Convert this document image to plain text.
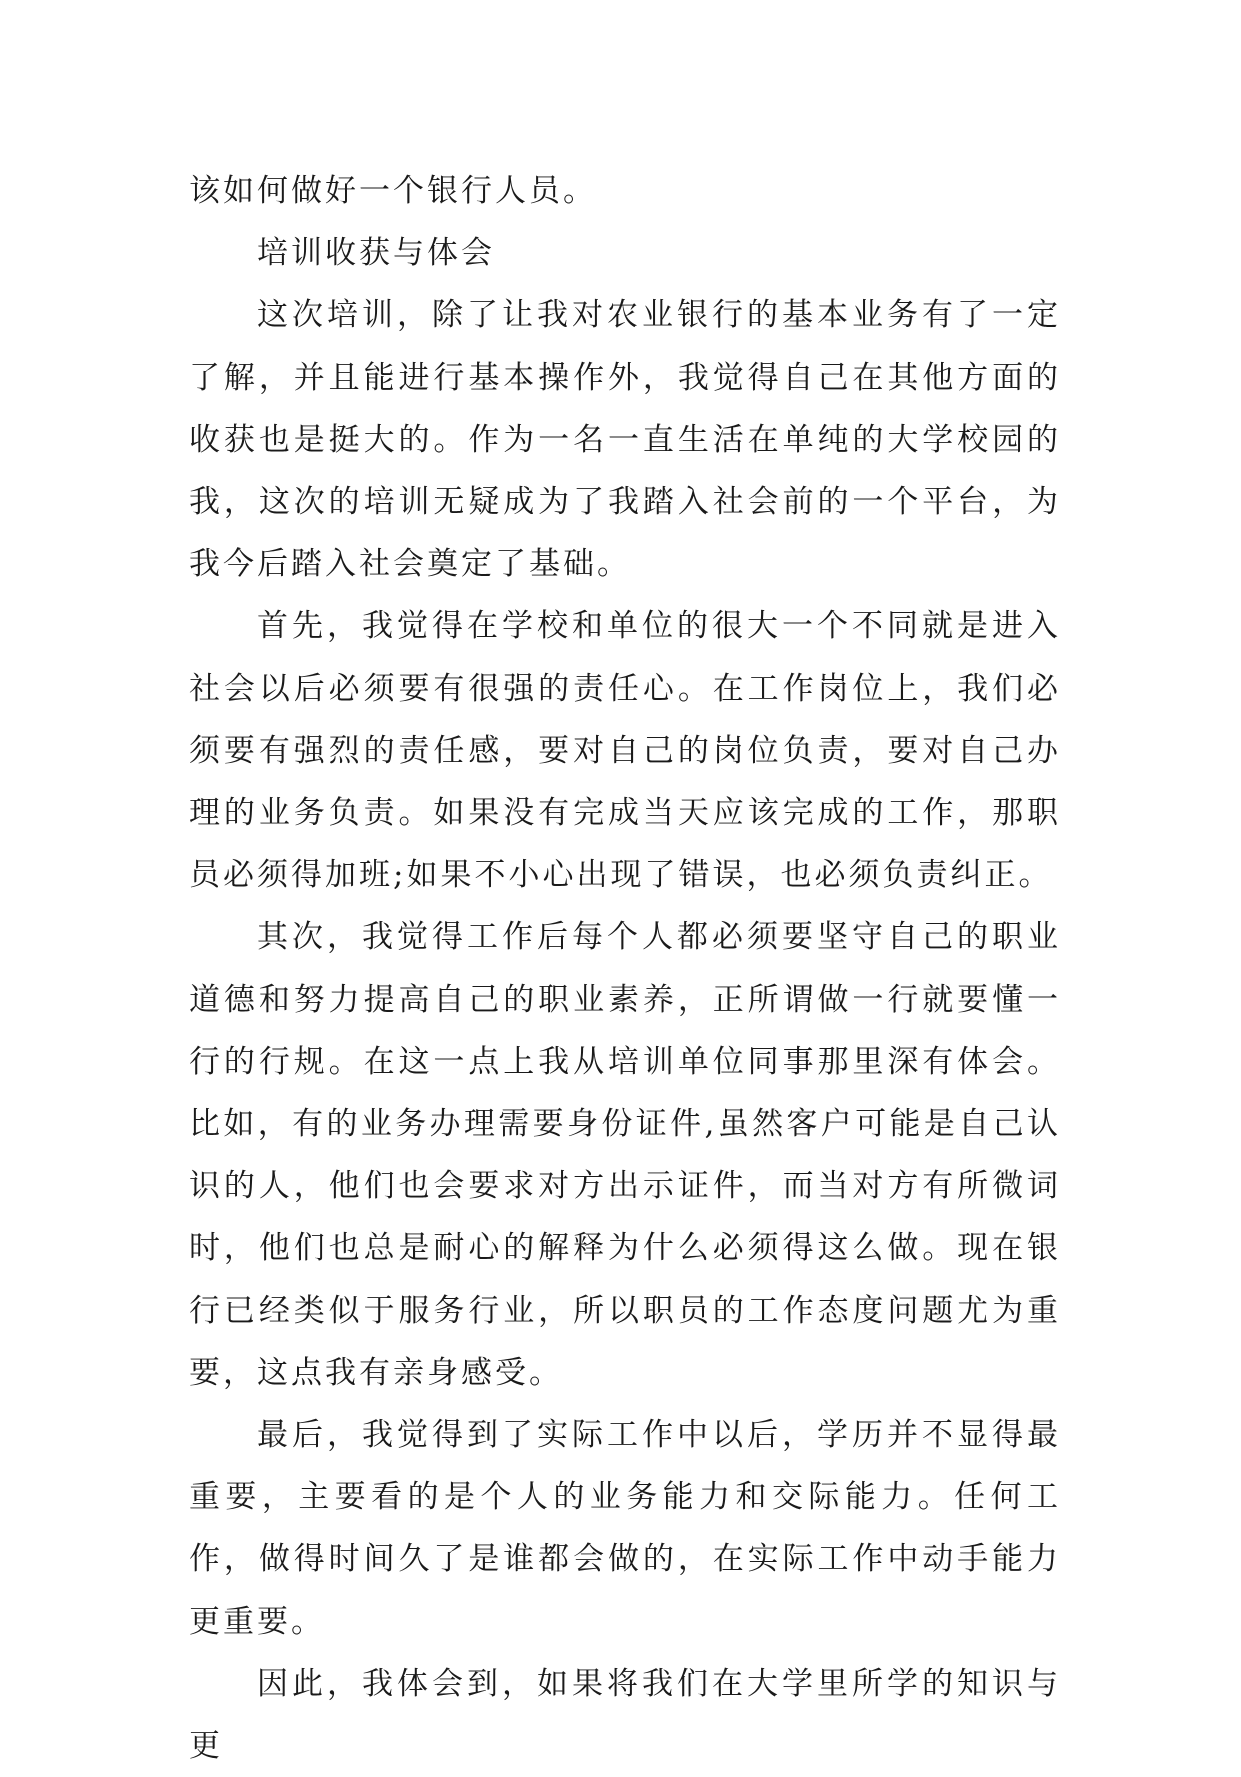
该如何做好一个银行人员。

培训收获与体会

这次培训，除了让我对农业银行的基本业务有了一定了解，并且能进行基本操作外，我觉得自己在其他方面的收获也是挺大的。作为一名一直生活在单纯的大学校园的我，这次的培训无疑成为了我踏入社会前的一个平台，为我今后踏入社会奠定了基础。

首先，我觉得在学校和单位的很大一个不同就是进入社会以后必须要有很强的责任心。在工作岗位上，我们必须要有强烈的责任感，要对自己的岗位负责，要对自己办理的业务负责。如果没有完成当天应该完成的工作，那职员必须得加班;如果不小心出现了错误，也必须负责纠正。

其次，我觉得工作后每个人都必须要坚守自己的职业道德和努力提高自己的职业素养，正所谓做一行就要懂一行的行规。在这一点上我从培训单位同事那里深有体会。比如，有的业务办理需要身份证件,虽然客户可能是自己认识的人，他们也会要求对方出示证件，而当对方有所微词时，他们也总是耐心的解释为什么必须得这么做。现在银行已经类似于服务行业，所以职员的工作态度问题尤为重要，这点我有亲身感受。

最后，我觉得到了实际工作中以后，学历并不显得最重要，主要看的是个人的业务能力和交际能力。任何工作，做得时间久了是谁都会做的，在实际工作中动手能力更重要。

因此，我体会到，如果将我们在大学里所学的知识与更
